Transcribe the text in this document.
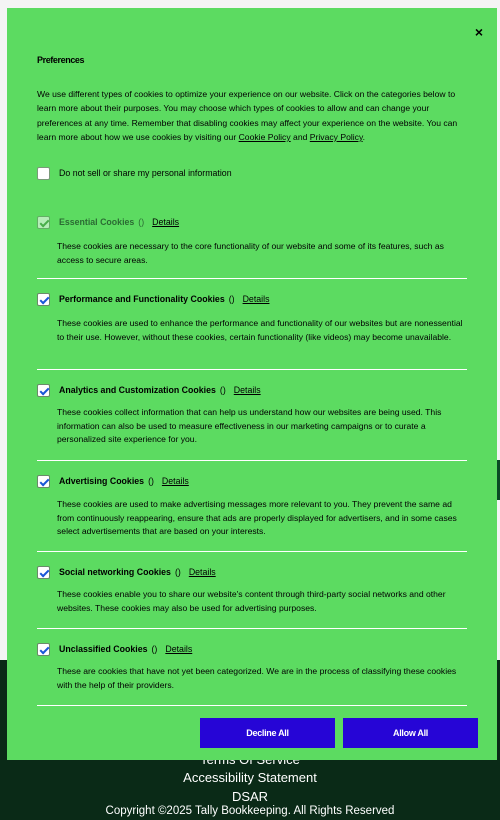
Accessibility Statement
DSAR
Copyright ©2025 Tally Bookkeeping. All Rights Reserved
×
Preferences
We use different types of cookies to optimize your experience on our website. Click on the categories below to learn more about their purposes. You may choose which types of cookies to allow and can change your preferences at any time. Remember that disabling cookies may affect your experience on the website. You can learn more about how we use cookies by visiting our Cookie Policy and Privacy Policy.
Do not sell or share my personal information
Essential Cookies () Details
These cookies are necessary to the core functionality of our website and some of its features, such as access to secure areas.
Performance and Functionality Cookies () Details
These cookies are used to enhance the performance and functionality of our websites but are nonessential to their use. However, without these cookies, certain functionality (like videos) may become unavailable.
Analytics and Customization Cookies () Details
These cookies collect information that can help us understand how our websites are being used. This information can also be used to measure effectiveness in our marketing campaigns or to curate a personalized site experience for you.
Advertising Cookies () Details
These cookies are used to make advertising messages more relevant to you. They prevent the same ad from continuously reappearing, ensure that ads are properly displayed for advertisers, and in some cases select advertisements that are based on your interests.
Social networking Cookies () Details
These cookies enable you to share our website's content through third-party social networks and other websites. These cookies may also be used for advertising purposes.
Unclassified Cookies () Details
These are cookies that have not yet been categorized. We are in the process of classifying these cookies with the help of their providers.
Decline All	Allow All
